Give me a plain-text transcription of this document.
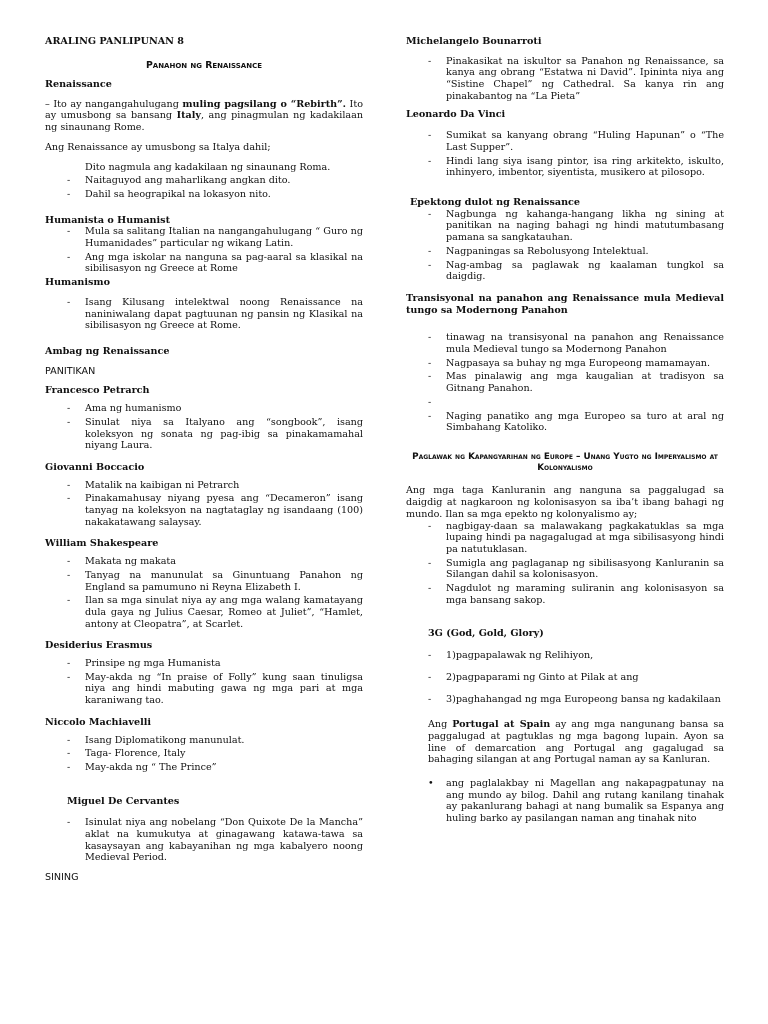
ARALING PANLIPUNAN 8

Panahon ng Renaissance

Renaissance

– Ito ay nangangahulugang muling pagsilang o “Rebirth”. Ito ay umusbong sa bansang Italy, ang pinagmulan ng kadakilaan ng sinaunang Rome.

Ang Renaissance ay umusbong sa Italya dahil;

Dito nagmula ang kadakilaan ng sinaunang Roma.
- Naitaguyod ang maharlikang angkan dito.
- Dahil sa heograpikal na lokasyon nito.

Humanista o Humanist

- Mula sa salitang Italian na nangangahulugang “ Guro ng Humanidades” particular ng wikang Latin.
- Ang mga iskolar na nanguna sa pag-aaral sa klasikal na sibilisasyon ng Greece at Rome

Humanismo

- Isang Kilusang intelektwal noong Renaissance na naniniwalang dapat pagtuunan ng pansin ng Klasikal na sibilisasyon ng Greece at Rome.

Ambag ng Renaissance

PANITIKAN

Francesco Petrarch

- Ama ng humanismo
- Sinulat niya sa Italyano ang “songbook”, isang koleksyon ng sonata ng pag-ibig sa pinakamamahal niyang Laura.

Giovanni Boccacio

- Matalik na kaibigan ni Petrarch
- Pinakamahusay niyang pyesa ang “Decameron” isang tanyag na koleksyon na nagtataglay ng isandaang (100) nakakatawang salaysay.

William Shakespeare

- Makata ng makata
- Tanyag na manunulat sa Ginuntuang Panahon ng England sa pamumuno ni Reyna Elizabeth I.
- Ilan sa mga sinulat niya ay ang mga walang kamatayang dula gaya ng Julius Caesar, Romeo at Juliet”, “Hamlet, antony at Cleopatra”, at Scarlet.

Desiderius Erasmus

- Prinsipe ng mga Humanista
- May-akda ng “In praise of Folly” kung saan tinuligsa niya ang hindi mabuting gawa ng mga pari at mga karaniwang tao.

Niccolo Machiavelli

- Isang Diplomatikong manunulat.
- Taga- Florence, Italy
- May-akda ng “ The Prince”

Miguel De Cervantes

- Isinulat niya ang nobelang “Don Quixote De la Mancha” aklat na kumukutya at ginagawang katawa-tawa sa kasaysayan ang kabayanihan ng mga kabalyero noong Medieval Period.

SINING

Michelangelo Bounarroti

- Pinakasikat na iskultor sa Panahon ng Renaissance, sa kanya ang obrang “Estatwa ni David”. Ipininta niya ang “Sistine Chapel” ng Cathedral. Sa kanya rin ang pinakabantog na “La Pieta”

Leonardo Da Vinci

- Sumikat sa kanyang obrang “Huling Hapunan” o “The Last Supper”.
- Hindi lang siya isang pintor, isa ring arkitekto, iskulto, inhinyero, imbentor, siyentista, musikero at pilosopo.

Epektong dulot ng Renaissance

- Nagbunga ng kahanga-hangang likha ng sining at panitikan na naging bahagi ng hindi matutumbasang pamana sa sangkatauhan.
- Nagpaningas sa Rebolusyong Intelektual.
- Nag-ambag sa paglawak ng kaalaman tungkol sa daigdig.

Transisyonal na panahon ang Renaissance mula Medieval tungo sa Modernong Panahon

- tinawag na transisyonal na panahon ang Renaissance mula Medieval tungo sa Modernong Panahon
- Nagpasaya sa buhay ng mga Europeong mamamayan.
- Mas pinalawig ang mga kaugalian at tradisyon sa Gitnang Panahon.
-

- Naging panatiko ang mga Europeo sa turo at aral ng Simbahang Katoliko.

Paglawak ng Kapangyarihan ng Europe – Unang Yugto ng Imperyalismo at Kolonyalismo

Ang mga taga Kanluranin ang nanguna sa paggalugad sa daigdig at nagkaroon ng kolonisasyon sa iba’t ibang bahagi ng mundo. Ilan sa mga epekto ng kolonyalismo ay;

- nagbigay-daan sa malawakang pagkakatuklas sa mga lupaing hindi pa nagagalugad at mga sibilisasyong hindi pa natutuklasan.
- Sumigla ang paglaganap ng sibilisasyong Kanluranin sa Silangan dahil sa kolonisasyon.
- Nagdulot ng maraming suliranin ang kolonisasyon sa mga bansang sakop.

3G (God, Gold, Glory)

- 1)pagpapalawak ng Relihiyon,
- 2)pagpaparami ng Ginto at Pilak at ang
- 3)paghahangad ng mga Europeong bansa ng kadakilaan

Ang Portugal at Spain ay ang mga nangunang bansa sa paggalugad at pagtuklas ng mga bagong lupain. Ayon sa line of demarcation ang Portugal ang gagalugad sa bahaging silangan at ang Portugal naman ay sa Kanluran.

• ang paglalakbay ni Magellan ang nakapagpatunay na ang mundo ay bilog. Dahil ang rutang kanilang tinahak ay pakanlurang bahagi at nang bumalik sa Espanya ang huling barko ay pasilangan naman ang tinahak nito
